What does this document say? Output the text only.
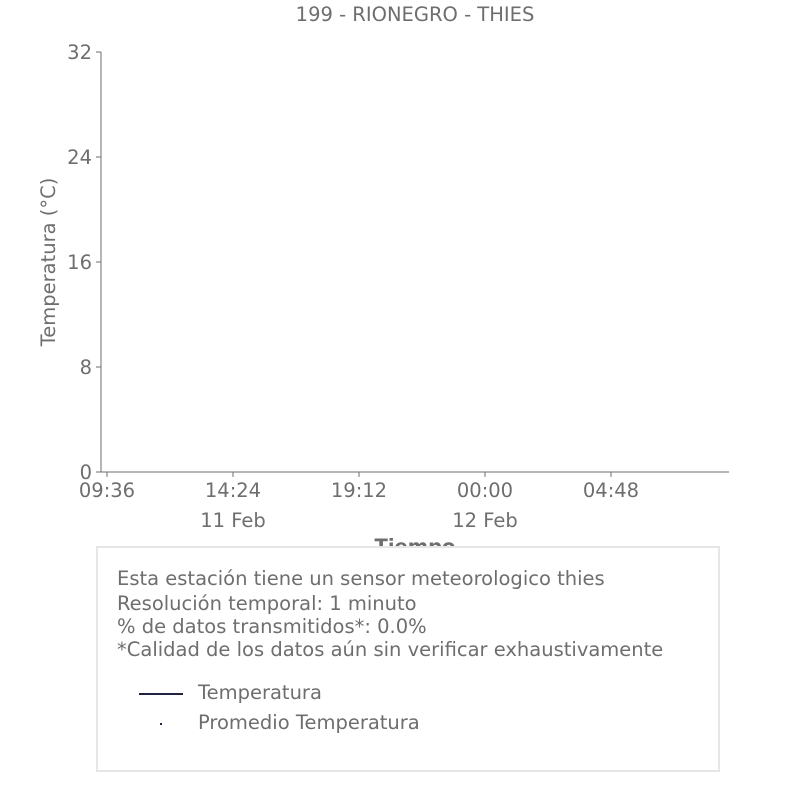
199 - RIONEGRO - THIES
Temperatura (°C)
0
8
16
24
32
09:36	14:24
11 Feb
19:12	00:00
12 Feb
04:48
Esta estación tiene un sensor meteorologico thies
Resolución temporal: 1 minuto
% de datos transmitidos*: 0.0%
*Calidad de los datos aún sin verificar exhaustivamente
Temperatura
Promedio Temperatura
